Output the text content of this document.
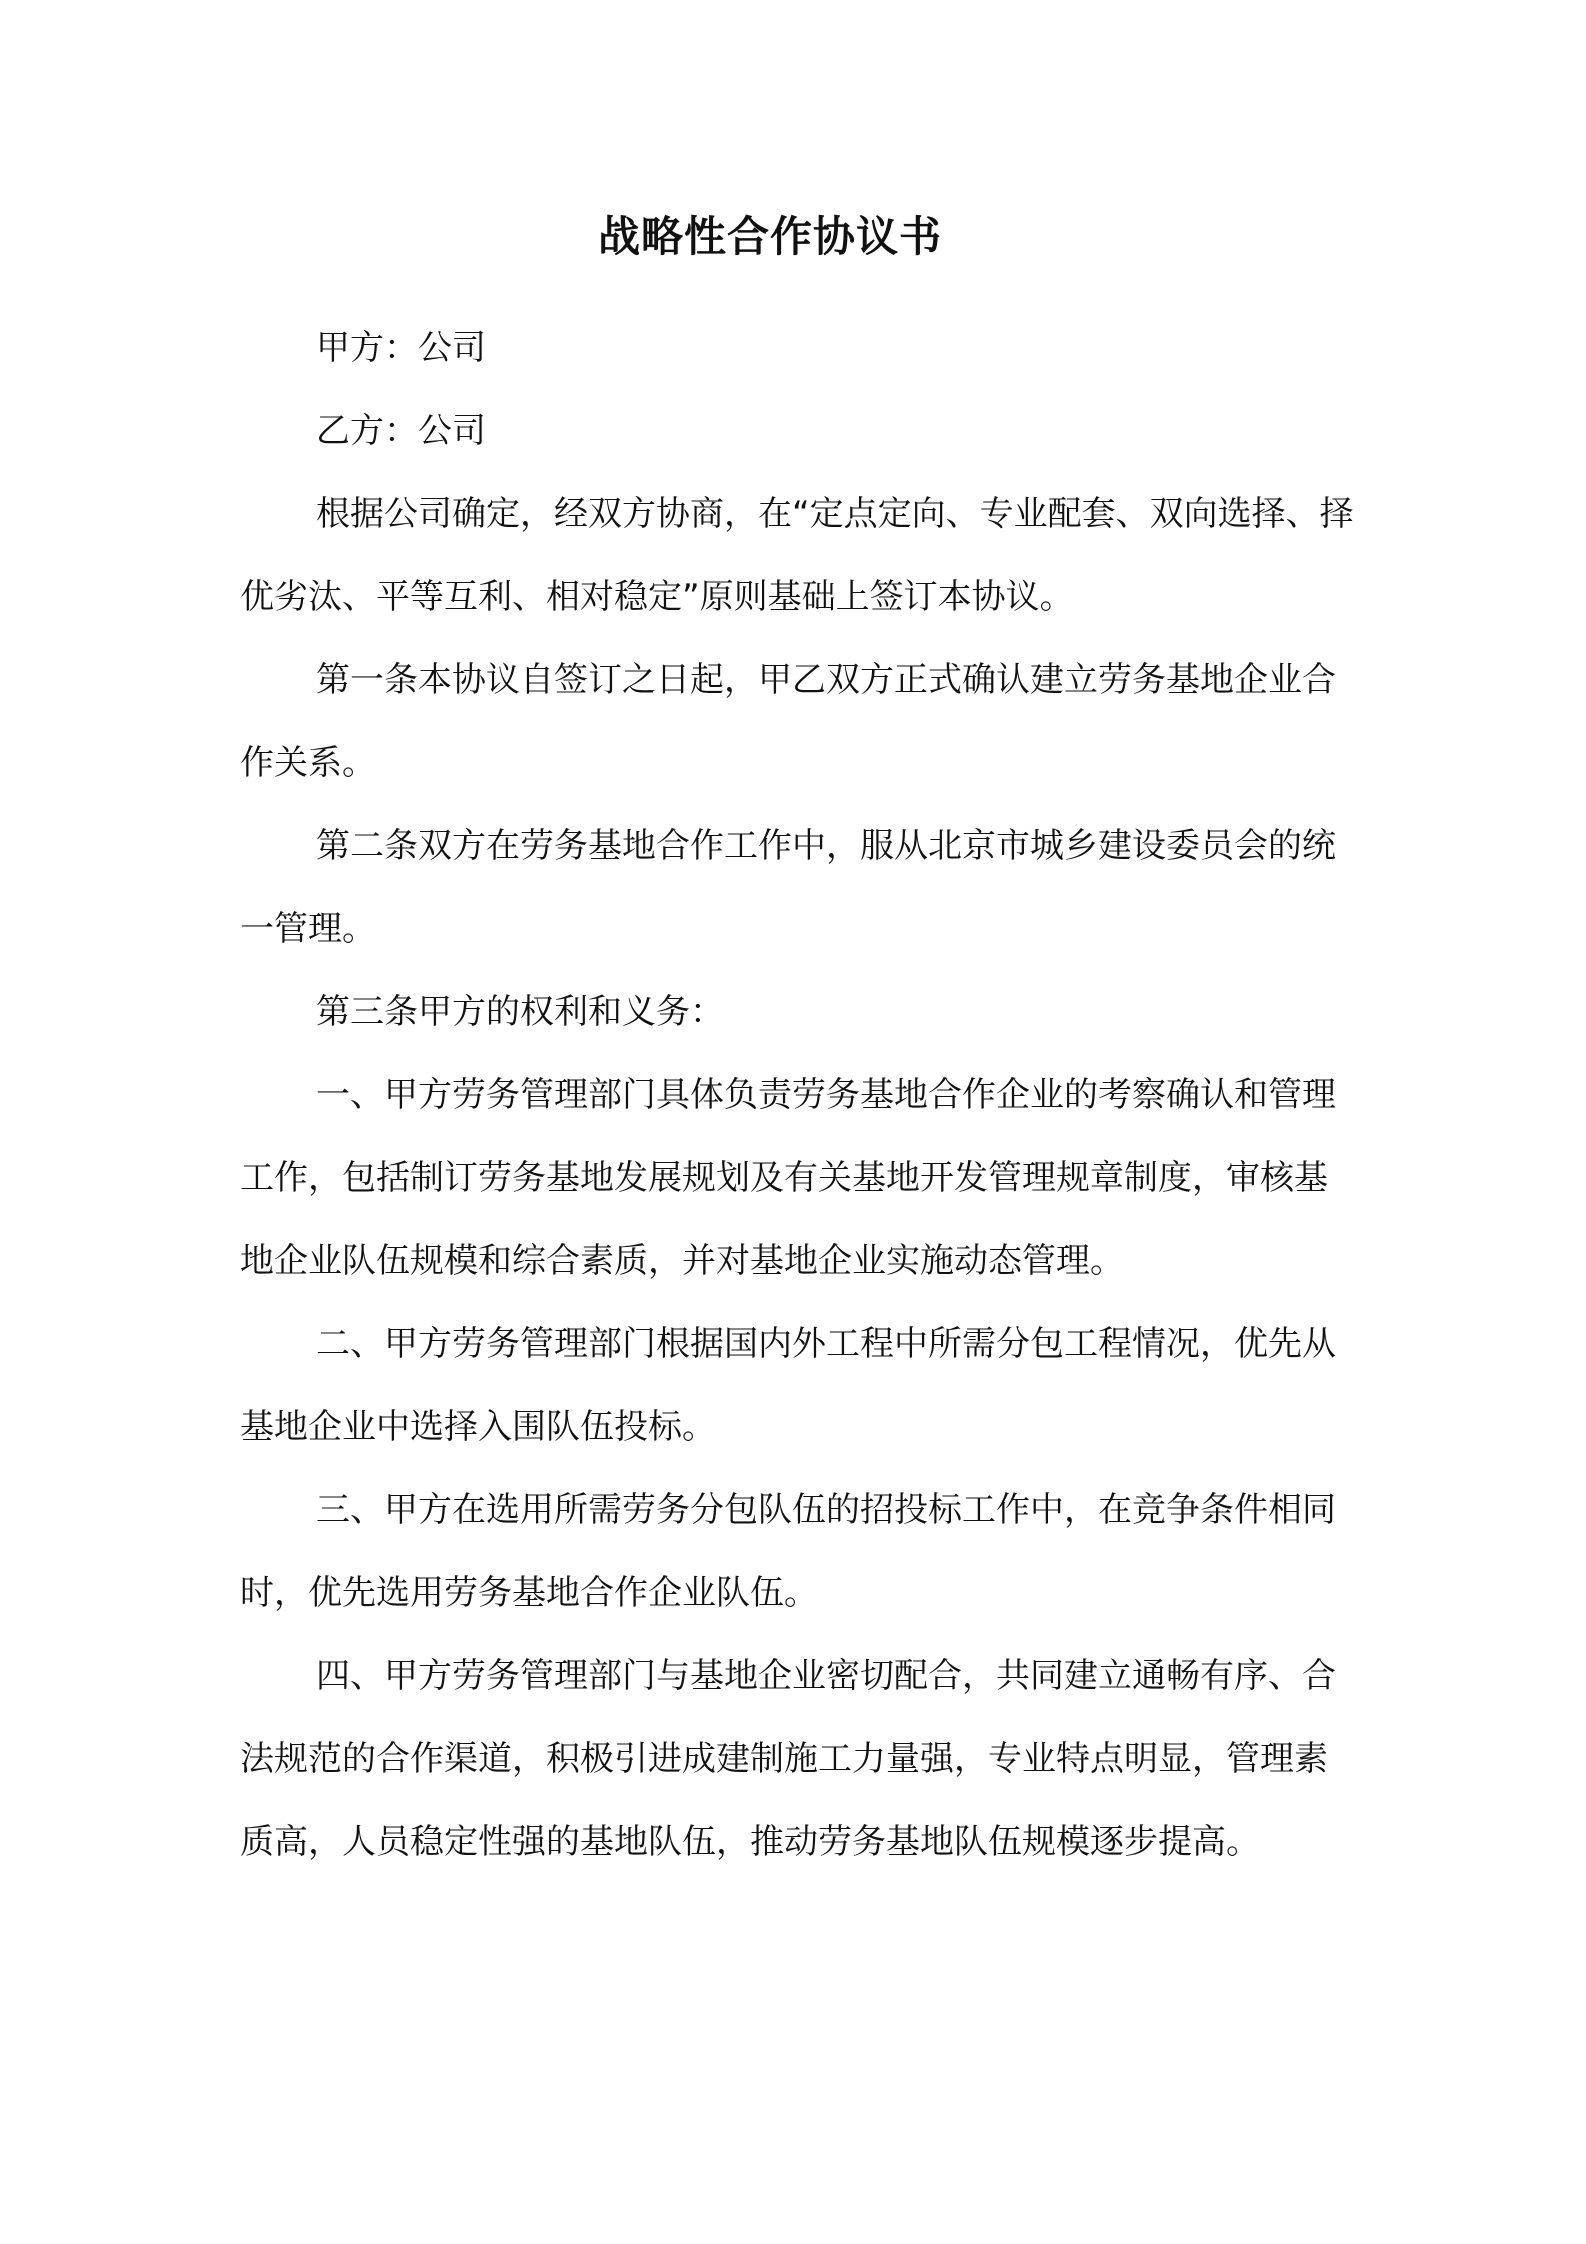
战略性合作协议书

甲方：公司

乙方：公司

根据公司确定，经双方协商，在“定点定向、专业配套、双向选择、择优劣汰、平等互利、相对稳定”原则基础上签订本协议。

第一条本协议自签订之日起，甲乙双方正式确认建立劳务基地企业合作关系。

第二条双方在劳务基地合作工作中，服从北京市城乡建设委员会的统一管理。

第三条甲方的权利和义务：

一、甲方劳务管理部门具体负责劳务基地合作企业的考察确认和管理工作，包括制订劳务基地发展规划及有关基地开发管理规章制度，审核基地企业队伍规模和综合素质，并对基地企业实施动态管理。

二、甲方劳务管理部门根据国内外工程中所需分包工程情况，优先从基地企业中选择入围队伍投标。

三、甲方在选用所需劳务分包队伍的招投标工作中，在竞争条件相同时，优先选用劳务基地合作企业队伍。

四、甲方劳务管理部门与基地企业密切配合，共同建立通畅有序、合法规范的合作渠道，积极引进成建制施工力量强，专业特点明显，管理素质高，人员稳定性强的基地队伍，推动劳务基地队伍规模逐步提高。
